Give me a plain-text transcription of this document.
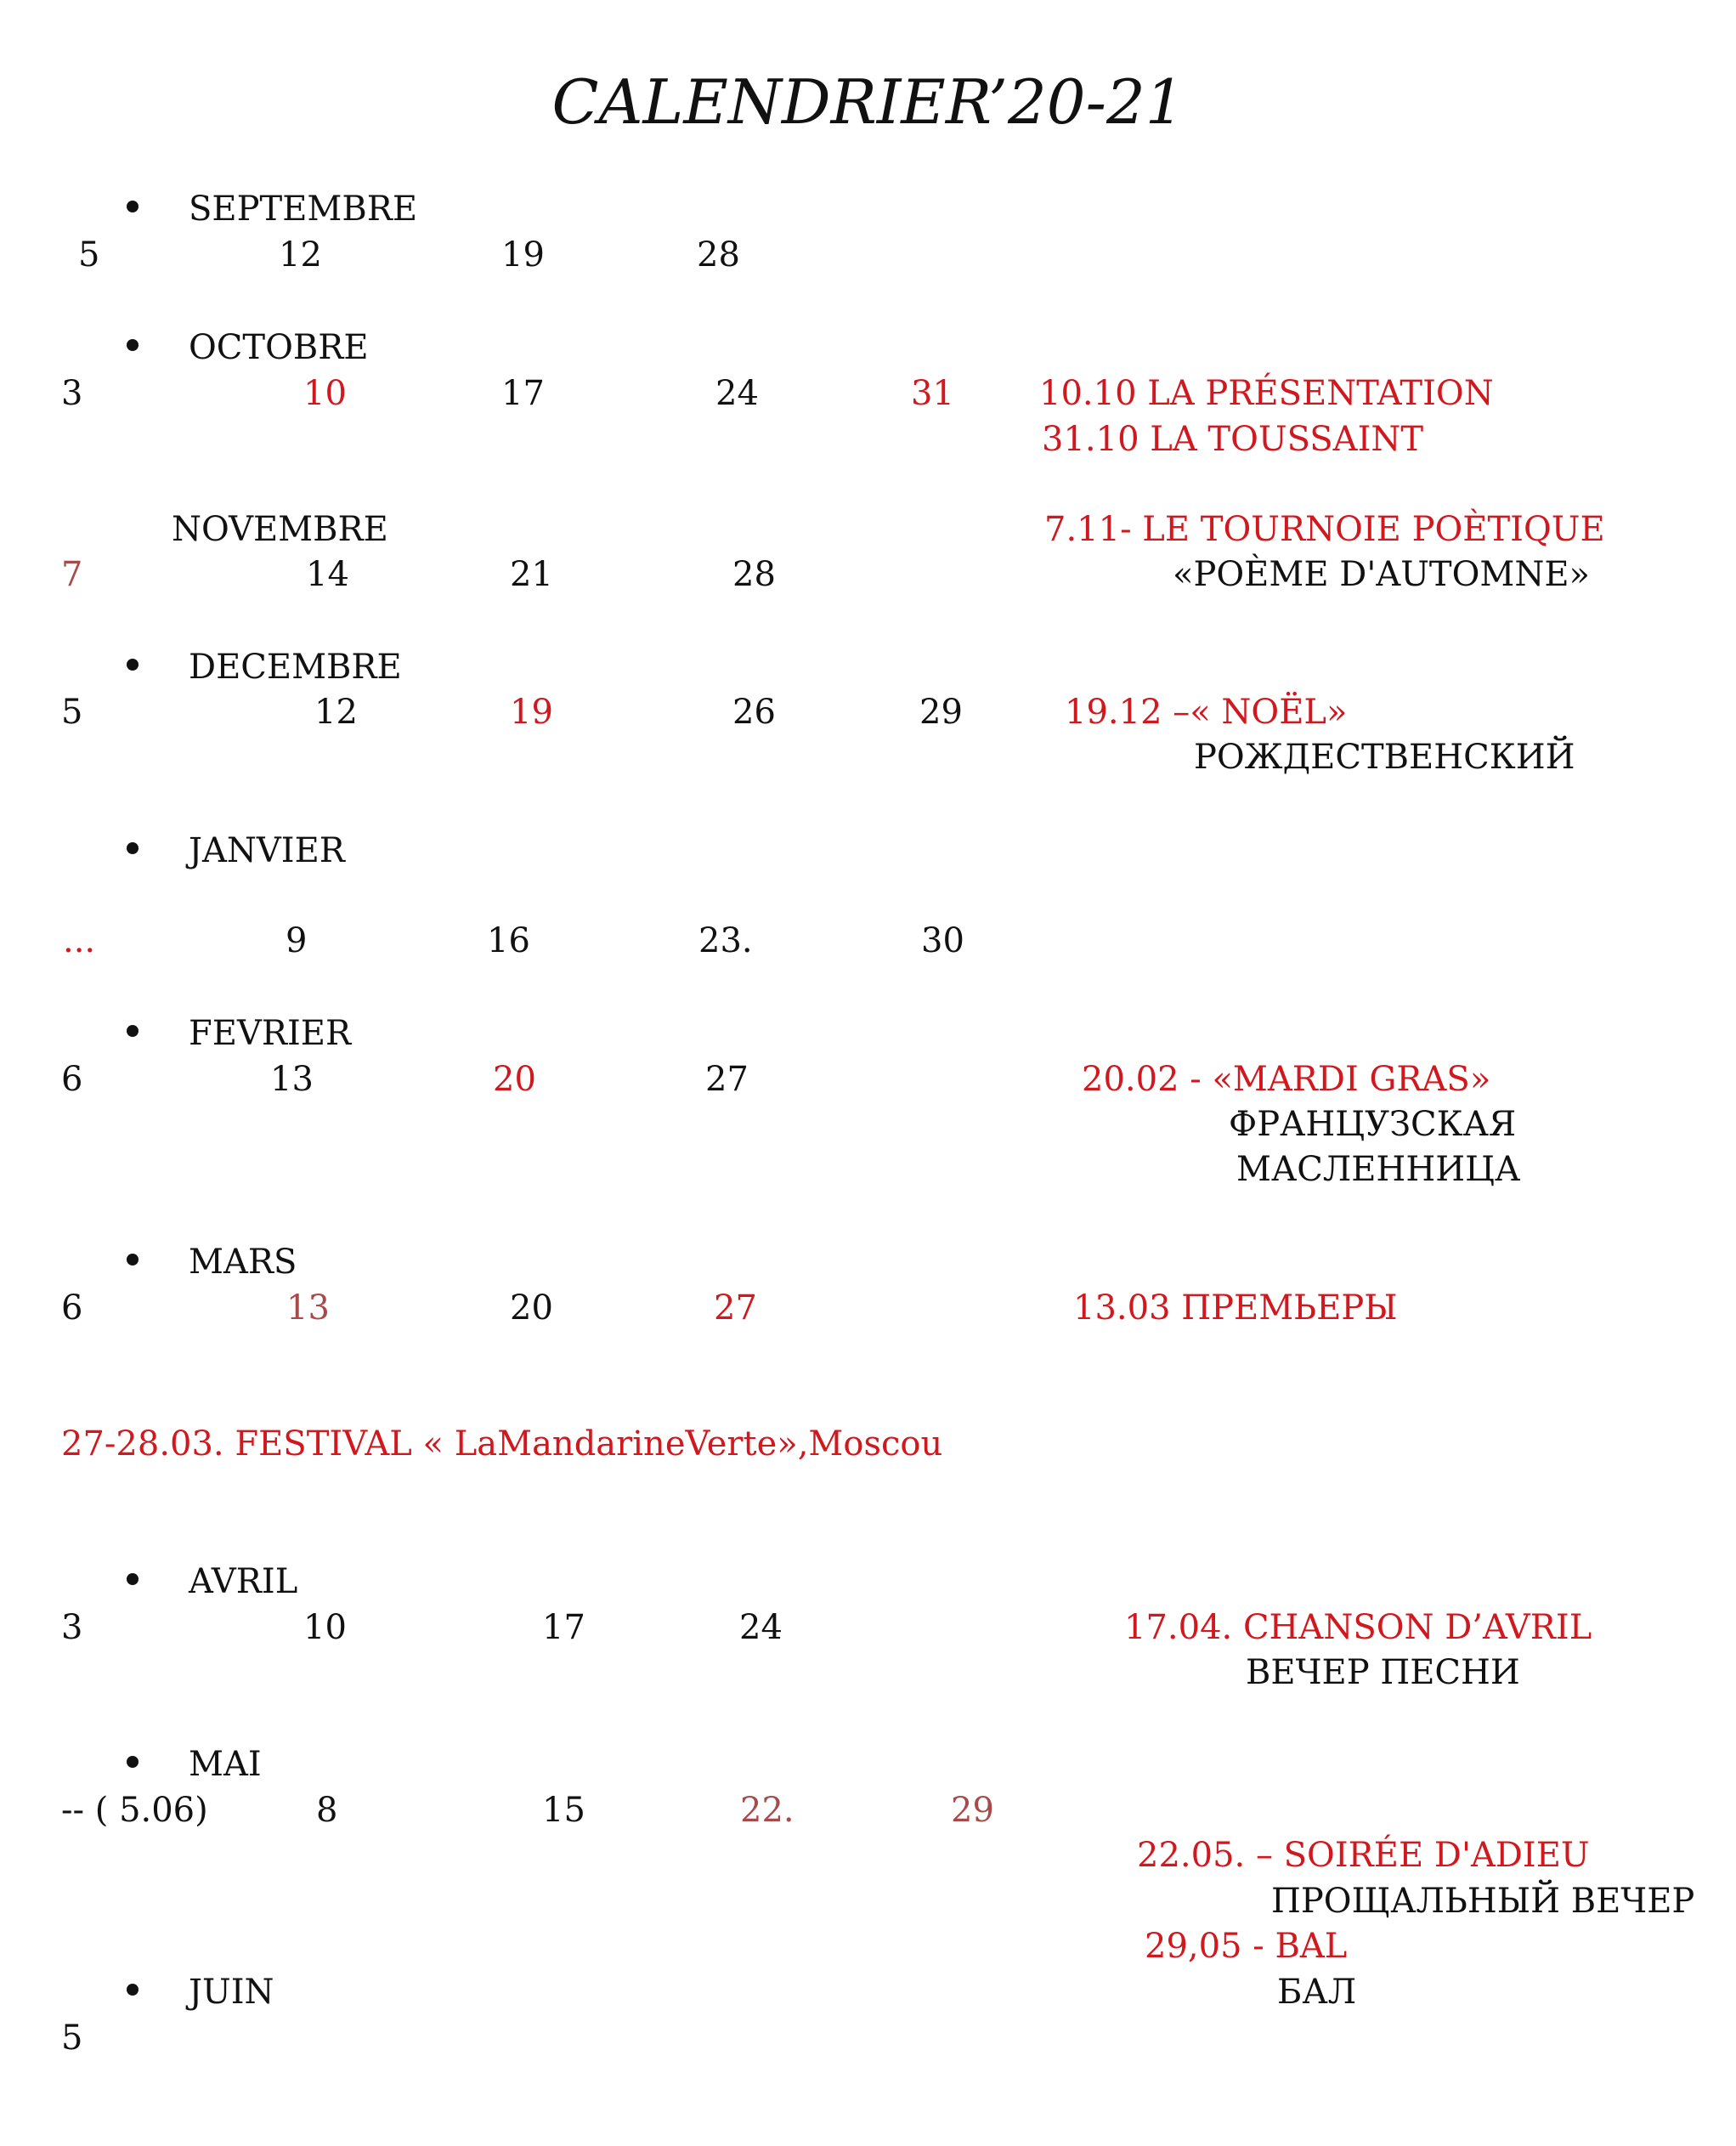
CALENDRIER’20-21
SEPTEMBRE
5	12	19	28
OCTOBRE
3	10	17	24	31	10.10 LA PRÉSENTATION
31.10 LA TOUSSAINT
NOVEMBRE	7.11- LE TOURNOIE POÈTIQUE
7	14	21	28	«POÈME D'AUTOMNE»
DECEMBRE
5	12	19	26	29	19.12 –« NOËL»
РОЖДЕСТВЕНСКИЙ
JANVIER
...	9	16	23.	30
FEVRIER
6	13	20	27	20.02 - «MARDI GRAS»
ФРАНЦУЗСКАЯ
МАСЛЕННИЦА
MARS
6	13	20	27	13.03 ПРЕМЬЕРЫ
27-28.03. FESTIVAL « LaMandarineVerte»,Moscou
AVRIL
3	10	17	24	17.04. CHANSON D’AVRIL
ВЕЧЕР ПЕСНИ
MAI
-- ( 5.06)	8	15	22.	29
22.05. – SOIRÉE D'ADIEU
ПРОЩАЛЬНЫЙ ВЕЧЕР
29,05 - BAL
БАЛ
JUIN
5
